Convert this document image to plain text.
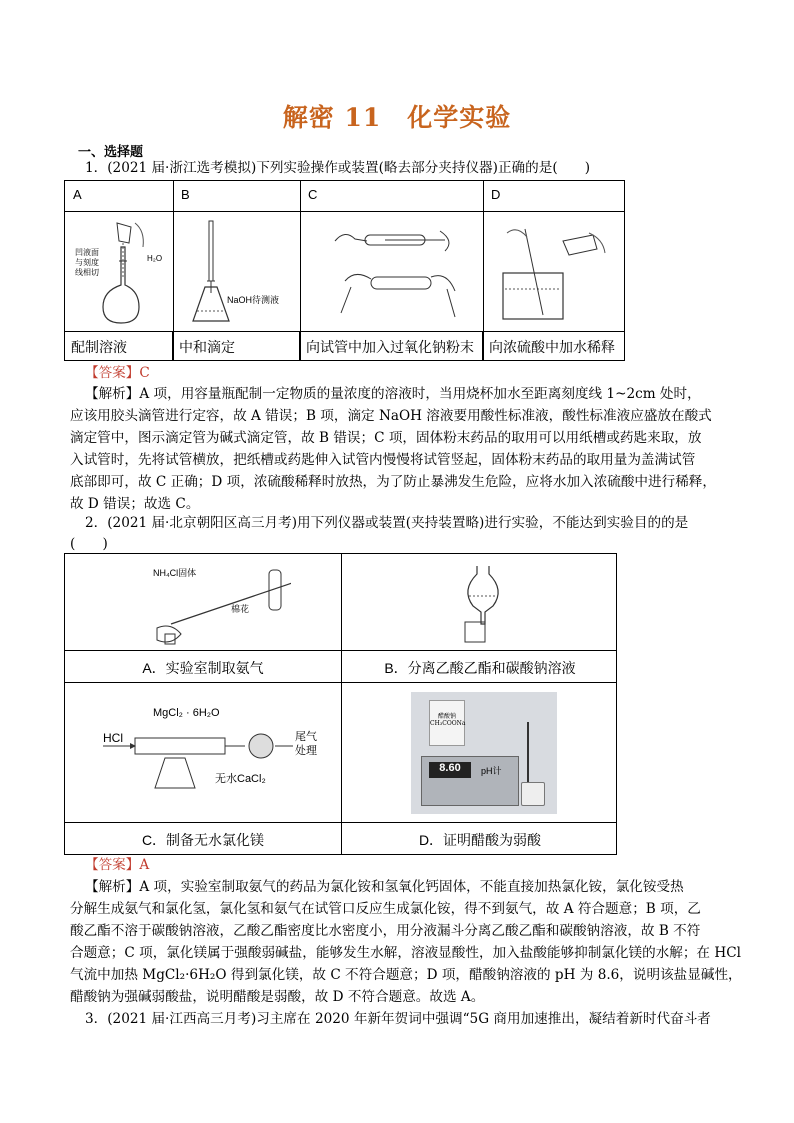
解密 11　化学实验
一、选择题
1．(2021 届·浙江选考模拟)下列实验操作或装置(略去部分夹持仪器)正确的是(　　)
A	B	C	D
凹液面
与刻度
线相切
H₂O
NaOH待测液
配制溶液	中和滴定	向试管中加入过氧化钠粉末	向浓硫酸中加水稀释
【答案】C
【解析】A 项，用容量瓶配制一定物质的量浓度的溶液时，当用烧杯加水至距离刻度线 1~2cm 处时，
应该用胶头滴管进行定容，故 A 错误；B 项，滴定 NaOH 溶液要用酸性标准液，酸性标准液应盛放在酸式
滴定管中，图示滴定管为碱式滴定管，故 B 错误；C 项，固体粉末药品的取用可以用纸槽或药匙来取，放
入试管时，先将试管横放，把纸槽或药匙伸入试管内慢慢将试管竖起，固体粉末药品的取用量为盖满试管
底部即可，故 C 正确；D 项，浓硫酸稀释时放热，为了防止暴沸发生危险，应将水加入浓硫酸中进行稀释，
故 D 错误；故选 C。
2．(2021 届·北京朝阳区高三月考)用下列仪器或装置(夹持装置略)进行实验，不能达到实验目的的是
(　　)
NH₄Cl固体
棉花
HCl
MgCl₂ · 6H₂O
尾气
处理
无水CaCl₂
醋酸钠
CH₃COONa
8.60	pH计
A．实验室制取氨气	B．分离乙酸乙酯和碳酸钠溶液
C．制备无水氯化镁	D．证明醋酸为弱酸
【答案】A
【解析】A 项，实验室制取氨气的药品为氯化铵和氢氧化钙固体，不能直接加热氯化铵，氯化铵受热
分解生成氨气和氯化氢，氯化氢和氨气在试管口反应生成氯化铵，得不到氨气，故 A 符合题意；B 项，乙
酸乙酯不溶于碳酸钠溶液，乙酸乙酯密度比水密度小，用分液漏斗分离乙酸乙酯和碳酸钠溶液，故 B 不符
合题意；C 项，氯化镁属于强酸弱碱盐，能够发生水解，溶液显酸性，加入盐酸能够抑制氯化镁的水解；在 HCl
气流中加热 MgCl₂·6H₂O 得到氯化镁，故 C 不符合题意；D 项，醋酸钠溶液的 pH 为 8.6，说明该盐显碱性，
醋酸钠为强碱弱酸盐，说明醋酸是弱酸，故 D 不符合题意。故选 A。
3．(2021 届·江西高三月考)习主席在 2020 年新年贺词中强调“5G 商用加速推出，凝结着新时代奋斗者
